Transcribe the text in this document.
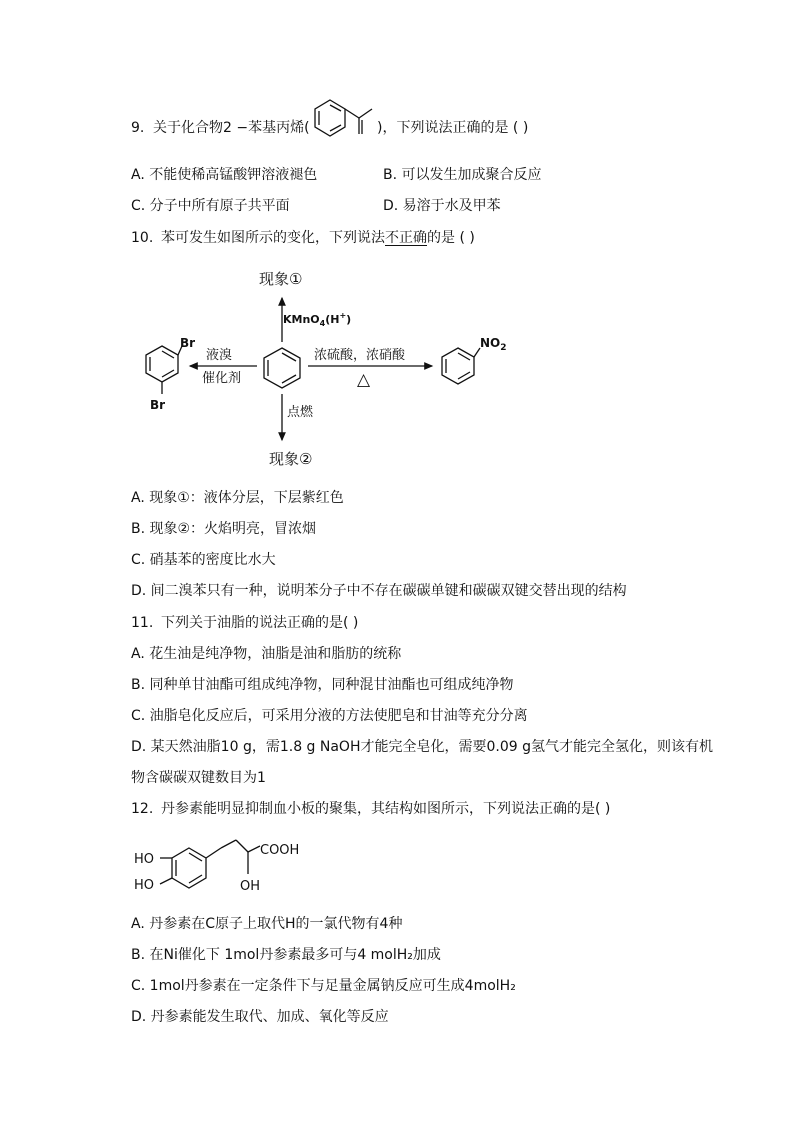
9. 关于化合物2 −苯基丙烯(	)，下列说法正确的是 ( )
A. 不能使稀高锰酸钾溶液褪色	B. 可以发生加成聚合反应
C. 分子中所有原子共平面	D. 易溶于水及甲苯
10. 苯可发生如图所示的变化，下列说法不正确的是 ( )
现象①
KMnO$_4$(H+)
液溴
催化剂
Br
Br
浓硫酸，浓硝酸
△
$NO_2$
点燃
现象②
A. 现象①：液体分层，下层紫红色
B. 现象②：火焰明亮，冒浓烟
C. 硝基苯的密度比水大
D. 间二溴苯只有一种，说明苯分子中不存在碳碳单键和碳碳双键交替出现的结构
11. 下列关于油脂的说法正确的是( )
A. 花生油是纯净物，油脂是油和脂肪的统称
B. 同种单甘油酯可组成纯净物，同种混甘油酯也可组成纯净物
C. 油脂皂化反应后，可采用分液的方法使肥皂和甘油等充分分离
D. 某天然油脂10 g，需1.8 g NaOH才能完全皂化，需要0.09 g氢气才能完全氢化，则该有机
物含碳碳双键数目为1
12. 丹参素能明显抑制血小板的聚集，其结构如图所示，下列说法正确的是( )
HO
HO
COOH
OH
A. 丹参素在C原子上取代H的一氯代物有4种
B. 在Ni催化下 1mol丹参素最多可与4 molH₂加成
C. 1mol丹参素在一定条件下与足量金属钠反应可生成4molH₂
D. 丹参素能发生取代、加成、氧化等反应
